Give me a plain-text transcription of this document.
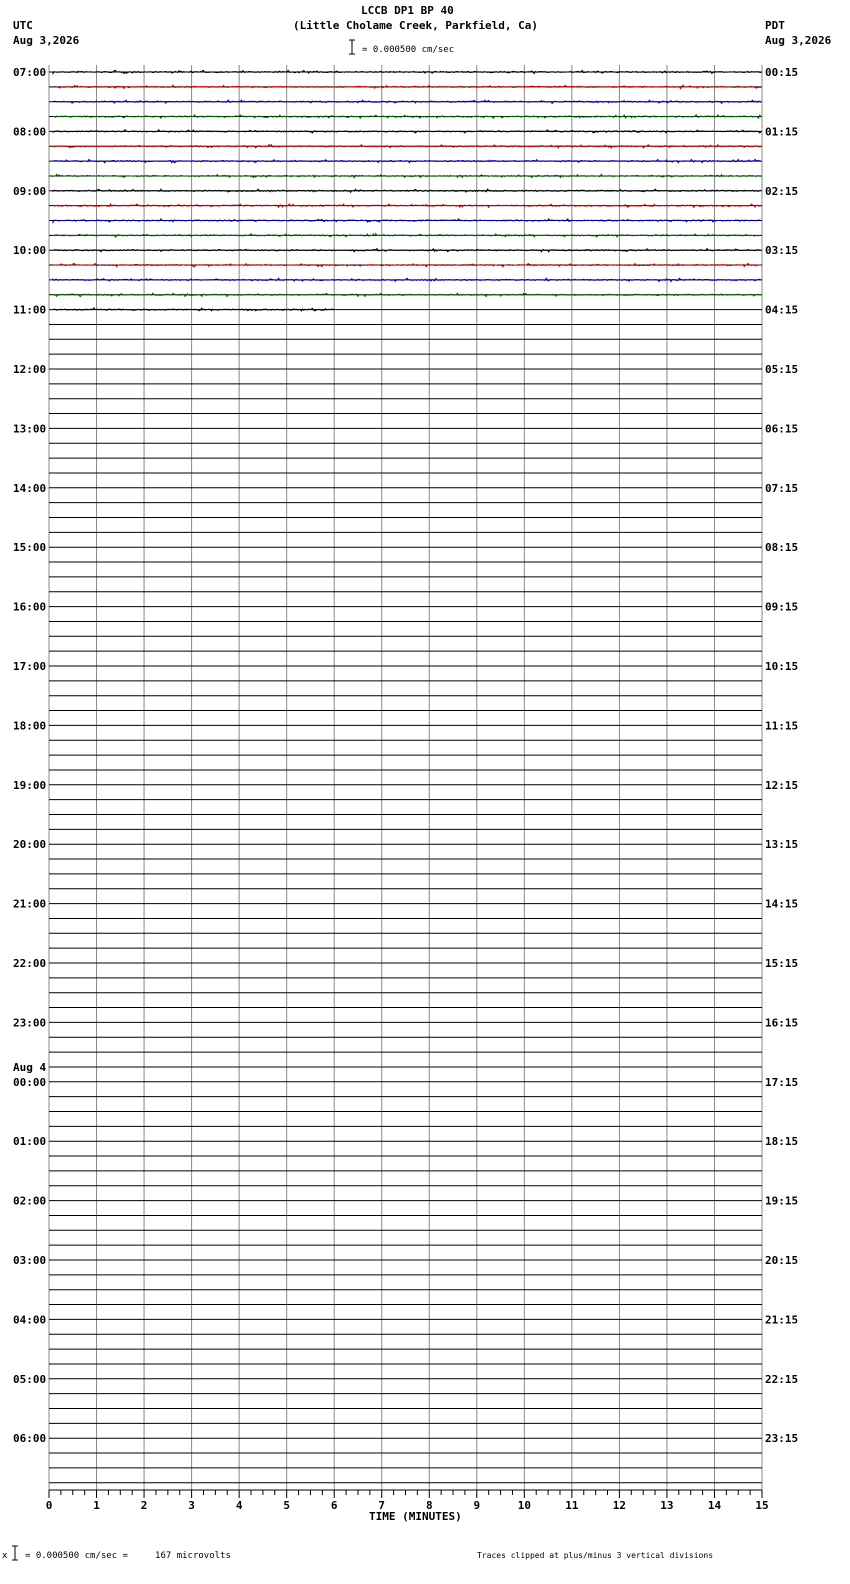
LCCB DP1 BP 40
(Little Cholame Creek, Parkfield, Ca)
UTC
Aug 3,2026
PDT
Aug 3,2026
= 0.000500 cm/sec
Aug 4
TIME (MINUTES)
x = 0.000500 cm/sec =     167 microvolts	Traces clipped at plus/minus 3 vertical divisions
0	1	2	3	4	5	6	7	8	9	10	11	12	13	14	15
07:00
08:00
09:00
10:00
11:00
12:00
13:00
14:00
15:00
16:00
17:00
18:00
19:00
20:00
21:00
22:00
23:00
00:00
01:00
02:00
03:00
04:00
05:00
06:00
00:15
01:15
02:15
03:15
04:15
05:15
06:15
07:15
08:15
09:15
10:15
11:15
12:15
13:15
14:15
15:15
16:15
17:15
18:15
19:15
20:15
21:15
22:15
23:15
